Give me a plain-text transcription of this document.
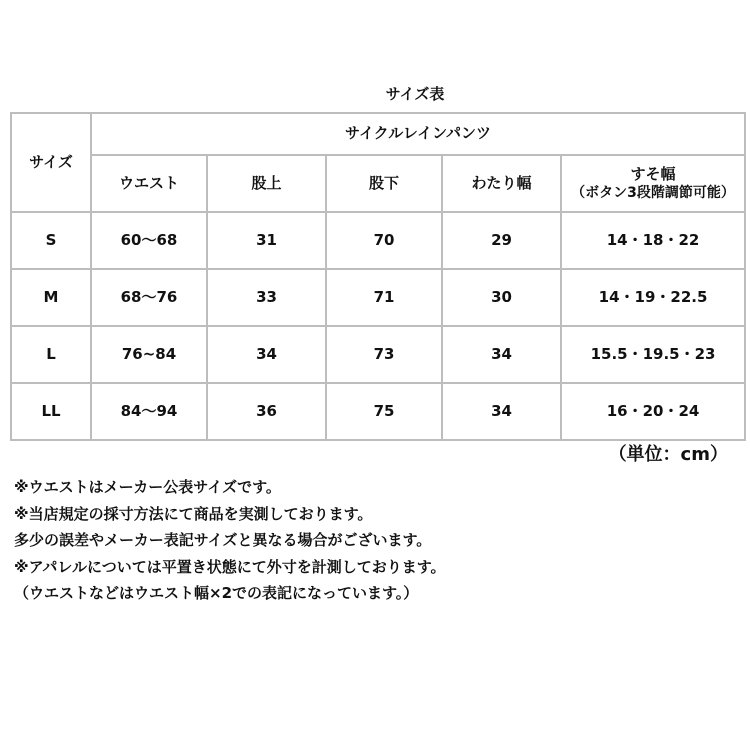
サイズ表
サイズ	サイクルレインパンツ				
	ウエスト	股上	股下	わたり幅	すそ幅
（ボタン3段階調節可能）

S	60～68	31	70	29	14・18・22
M	68～76	33	71	30	14・19・22.5
L	76~84	34	73	34	15.5・19.5・23
LL	84～94	36	75	34	16・20・24
（単位：cm）
※ウエストはメーカー公表サイズです。
※当店規定の採寸方法にて商品を実測しております。
多少の誤差やメーカー表記サイズと異なる場合がございます。
※アパレルについては平置き状態にて外寸を計測しております。
（ウエストなどはウエスト幅×2での表記になっています。）
